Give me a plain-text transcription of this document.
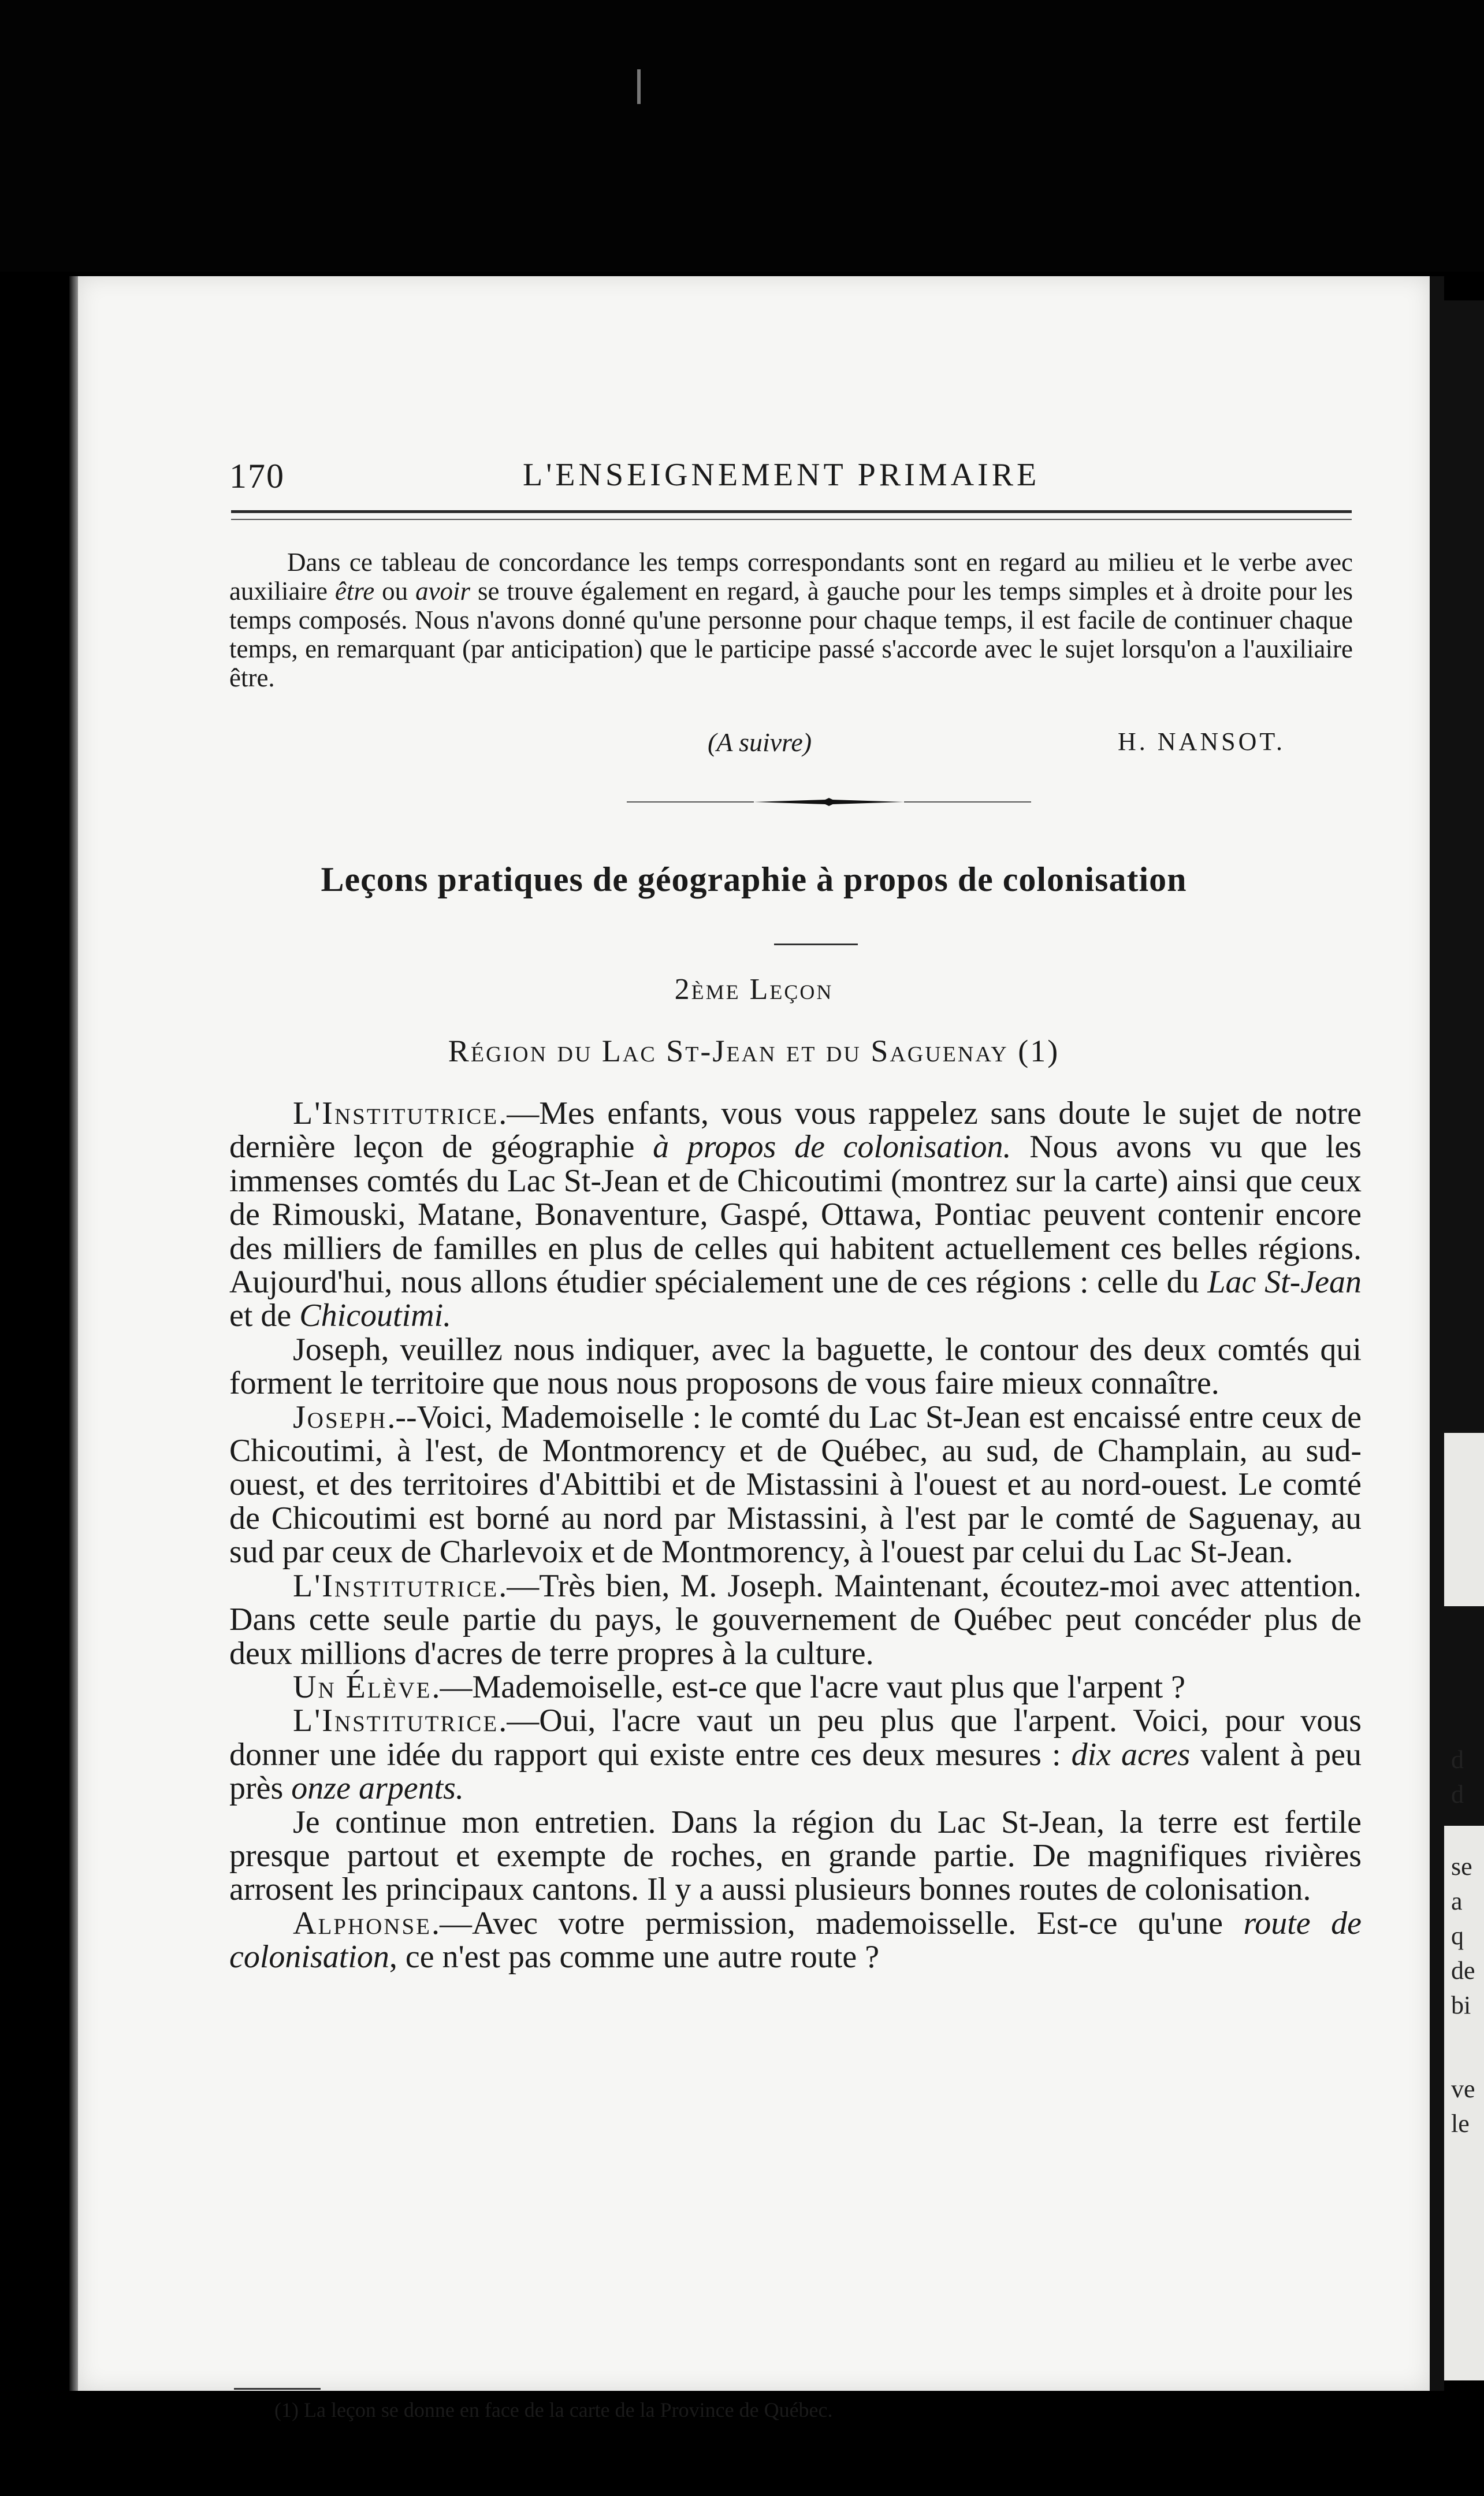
d
d
se
a
q
de
bi
ve
le
170	L'ENSEIGNEMENT PRIMAIRE
Dans ce tableau de concordance les temps correspondants sont en regard au milieu et le verbe avec auxiliaire être ou avoir se trouve également en regard, à gauche pour les temps simples et à droite pour les temps composés. Nous n'avons donné qu'une personne pour chaque temps, il est facile de continuer chaque temps, en remarquant (par anticipation) que le participe passé s'accorde avec le sujet lorsqu'on a l'auxiliaire être.
(A suivre)	H. NANSOT.
Leçons pratiques de géographie à propos de colonisation
2ème Leçon
Région du Lac St-Jean et du Saguenay (1)

L'Institutrice.—Mes enfants, vous vous rappelez sans doute le sujet de notre dernière leçon de géographie à propos de colonisation. Nous avons vu que les immenses comtés du Lac St-Jean et de Chicoutimi (montrez sur la carte) ainsi que ceux de Rimouski, Matane, Bonaventure, Gaspé, Ottawa, Pontiac peuvent contenir encore des milliers de familles en plus de celles qui habitent actuellement ces belles régions. Aujourd'hui, nous allons étudier spécialement une de ces régions : celle du Lac St-Jean et de Chicoutimi.

Joseph, veuillez nous indiquer, avec la baguette, le contour des deux comtés qui forment le territoire que nous nous proposons de vous faire mieux connaître.

Joseph.--Voici, Mademoiselle : le comté du Lac St-Jean est encaissé entre ceux de Chicoutimi, à l'est, de Montmorency et de Québec, au sud, de Champlain, au sud-ouest, et des territoires d'Abittibi et de Mistassini à l'ouest et au nord-ouest. Le comté de Chicoutimi est borné au nord par Mistassini, à l'est par le comté de Saguenay, au sud par ceux de Charlevoix et de Montmorency, à l'ouest par celui du Lac St-Jean.

L'Institutrice.—Très bien, M. Joseph. Maintenant, écoutez-moi avec attention. Dans cette seule partie du pays, le gouvernement de Québec peut concéder plus de deux millions d'acres de terre propres à la culture.

Un Élève.—Mademoiselle, est-ce que l'acre vaut plus que l'arpent ?

L'Institutrice.—Oui, l'acre vaut un peu plus que l'arpent. Voici, pour vous donner une idée du rapport qui existe entre ces deux mesures : dix acres valent à peu près onze arpents.

Je continue mon entretien. Dans la région du Lac St-Jean, la terre est fertile presque partout et exempte de roches, en grande partie. De magnifiques rivières arrosent les principaux cantons. Il y a aussi plusieurs bonnes routes de colonisation.

Alphonse.—Avec votre permission, mademoisselle. Est-ce qu'une route de colonisation, ce n'est pas comme une autre route ?

(1) La leçon se donne en face de la carte de la Province de Québec.
